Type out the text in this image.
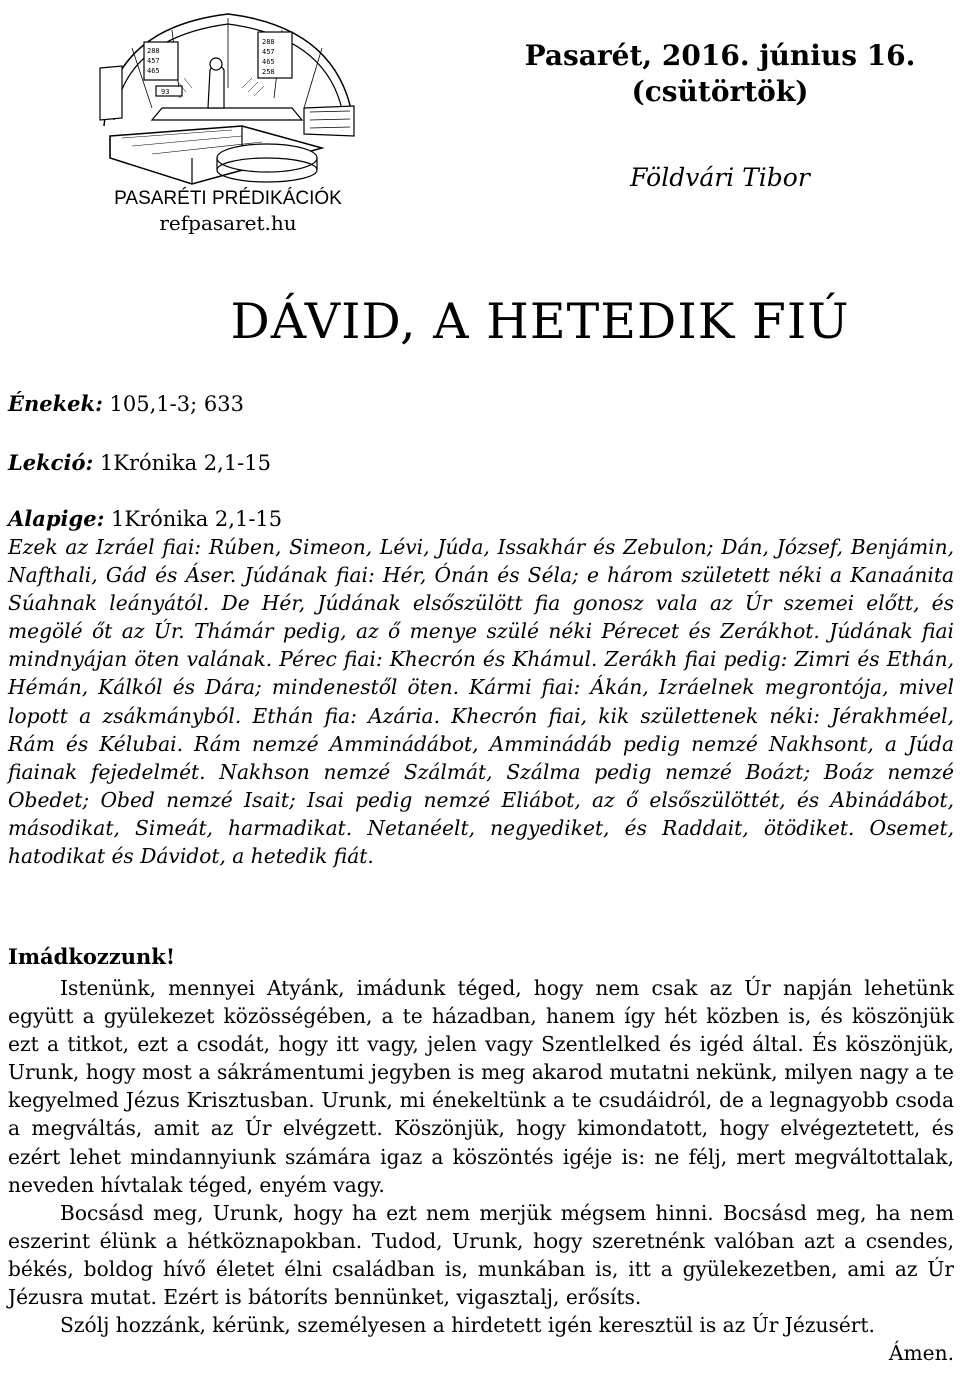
288
457
465
93
288
457
465
258
PASARÉTI PRÉDIKÁCIÓK
refpasaret.hu
Pasarét, 2016. június 16.
(csütörtök)
Földvári Tibor
DÁVID, A HETEDIK FIÚ
Énekek: 105,1-3; 633
Lekció: 1Krónika 2,1-15
Alapige: 1Krónika 2,1-15
Ezek az Izráel fiai: Rúben, Simeon, Lévi, Júda, Issakhár és Zebulon; Dán, József, Benjámin, Nafthali, Gád és Áser. Júdának fiai: Hér, Ónán és Séla; e három született néki a Kanaánita Súahnak leányától. De Hér, Júdának elsőszülött fia gonosz vala az Úr szemei előtt, és megölé őt az Úr. Thámár pedig, az ő menye szülé néki Pérecet és Zerákhot. Júdának fiai mindnyájan öten valának. Pérec fiai: Khecrón és Khámul. Zerákh fiai pedig: Zimri és Ethán, Hémán, Kálkól és Dára; mindenestől öten. Kármi fiai: Ákán, Izráelnek megrontója, mivel lopott a zsákmányból. Ethán fia: Azária. Khecrón fiai, kik születtenek néki: Jérakhméel, Rám és Kélubai. Rám nemzé Amminádábot, Amminádáb pedig nemzé Nakhsont, a Júda fiainak fejedelmét. Nakhson nemzé Szálmát, Szálma pedig nemzé Boázt; Boáz nemzé Obedet; Obed nemzé Isait; Isai pedig nemzé Eliábot, az ő elsőszülöttét, és Abinádábot, másodikat, Simeát, harmadikat. Netanéelt, negyediket, és Raddait, ötödiket. Osemet, hatodikat és Dávidot, a hetedik fiát.
Imádkozzunk!

Istenünk, mennyei Atyánk, imádunk téged, hogy nem csak az Úr napján lehetünk együtt a gyülekezet közösségében, a te házadban, hanem így hét közben is, és köszönjük ezt a titkot, ezt a csodát, hogy itt vagy, jelen vagy Szentlelked és igéd által. És köszönjük, Urunk, hogy most a sákrámentumi jegyben is meg akarod mutatni nekünk, milyen nagy a te kegyelmed Jézus Krisztusban. Urunk, mi énekeltünk a te csudáidról, de a legnagyobb csoda a megváltás, amit az Úr elvégzett. Köszönjük, hogy kimondatott, hogy elvégeztetett, és ezért lehet mindannyiunk számára igaz a köszöntés igéje is: ne félj, mert megváltottalak, neveden hívtalak téged, enyém vagy.

Bocsásd meg, Urunk, hogy ha ezt nem merjük mégsem hinni. Bocsásd meg, ha nem eszerint élünk a hétköznapokban. Tudod, Urunk, hogy szeretnénk valóban azt a csendes, békés, boldog hívő életet élni családban is, munkában is, itt a gyülekezetben, ami az Úr Jézusra mutat. Ezért is bátoríts bennünket, vigasztalj, erősíts.

Szólj hozzánk, kérünk, személyesen a hirdetett igén keresztül is az Úr Jézusért.

Ámen.
